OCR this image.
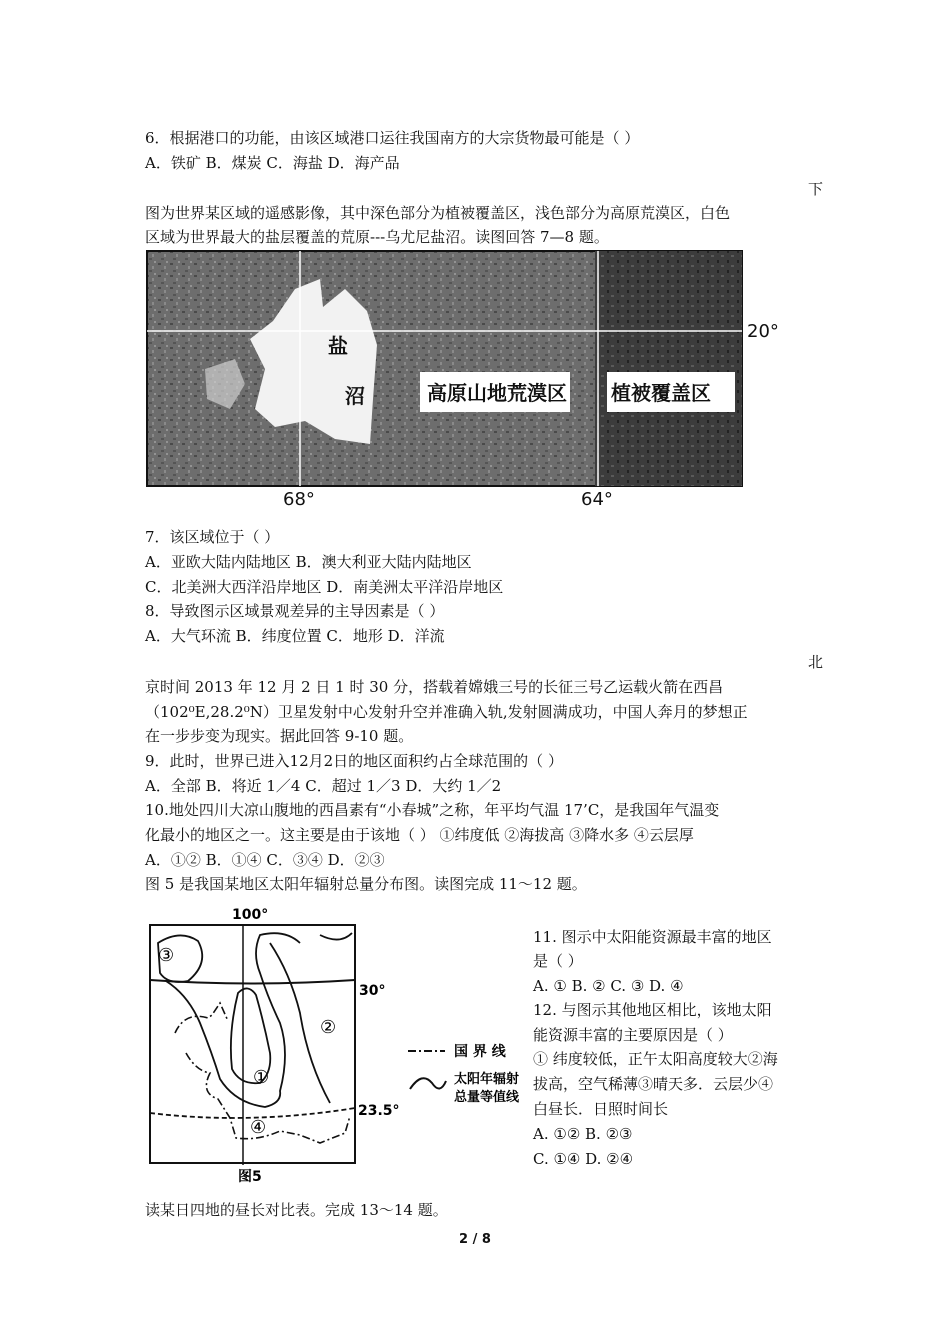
6．根据港口的功能，由该区域港口运往我国南方的大宗货物最可能是（ ）
A．铁矿 B．煤炭 C．海盐 D．海产品
下
图为世界某区域的遥感影像，其中深色部分为植被覆盖区，浅色部分为高原荒漠区，白色
区域为世界最大的盐层覆盖的荒原---乌尤尼盐沼。读图回答 7—8 题。
盐
沼	高原山地荒漠区 植被覆盖区
20°
68°	64°
7．该区域位于（ ）
A．亚欧大陆内陆地区 B．澳大利亚大陆内陆地区
C．北美洲大西洋沿岸地区 D．南美洲太平洋沿岸地区
8．导致图示区域景观差异的主导因素是（ ）
A．大气环流 B．纬度位置 C．地形 D．洋流
北
京时间 2013 年 12 月 2 日 1 时 30 分，搭载着嫦娥三号的长征三号乙运载火箭在西昌
（102⁰E,28.2⁰N）卫星发射中心发射升空并准确入轨,发射圆满成功，中国人奔月的梦想正
在一步步变为现实。据此回答 9-10 题。
9．此时，世界已进入12月2日的地区面积约占全球范围的（ ）
A．全部 B．将近 1／4 C．超过 1／3 D．大约 1／2
10.地处四川大凉山腹地的西昌素有“小春城”之称，年平均气温 17’C，是我国年气温变
化最小的地区之一。这主要是由于该地（ ） ①纬度低 ②海拔高 ③降水多 ④云层厚
A．①② B．①④ C．③④ D．②③
图 5 是我国某地区太阳年辐射总量分布图。读图完成 11～12 题。
100°
30°
23.5°
③
②
①
④
图5
国 界 线
太阳年辐射
总量等值线
11. 图示中太阳能资源最丰富的地区
是（ ）
A. ① B. ② C. ③ D. ④
12. 与图示其他地区相比，该地太阳
能资源丰富的主要原因是（ ）
① 纬度较低，正午太阳高度较大②海
拔高，空气稀薄③晴天多．云层少④
白昼长．日照时间长
A. ①② B. ②③
C. ①④ D. ②④
读某日四地的昼长对比表。完成 13～14 题。
2 / 8
